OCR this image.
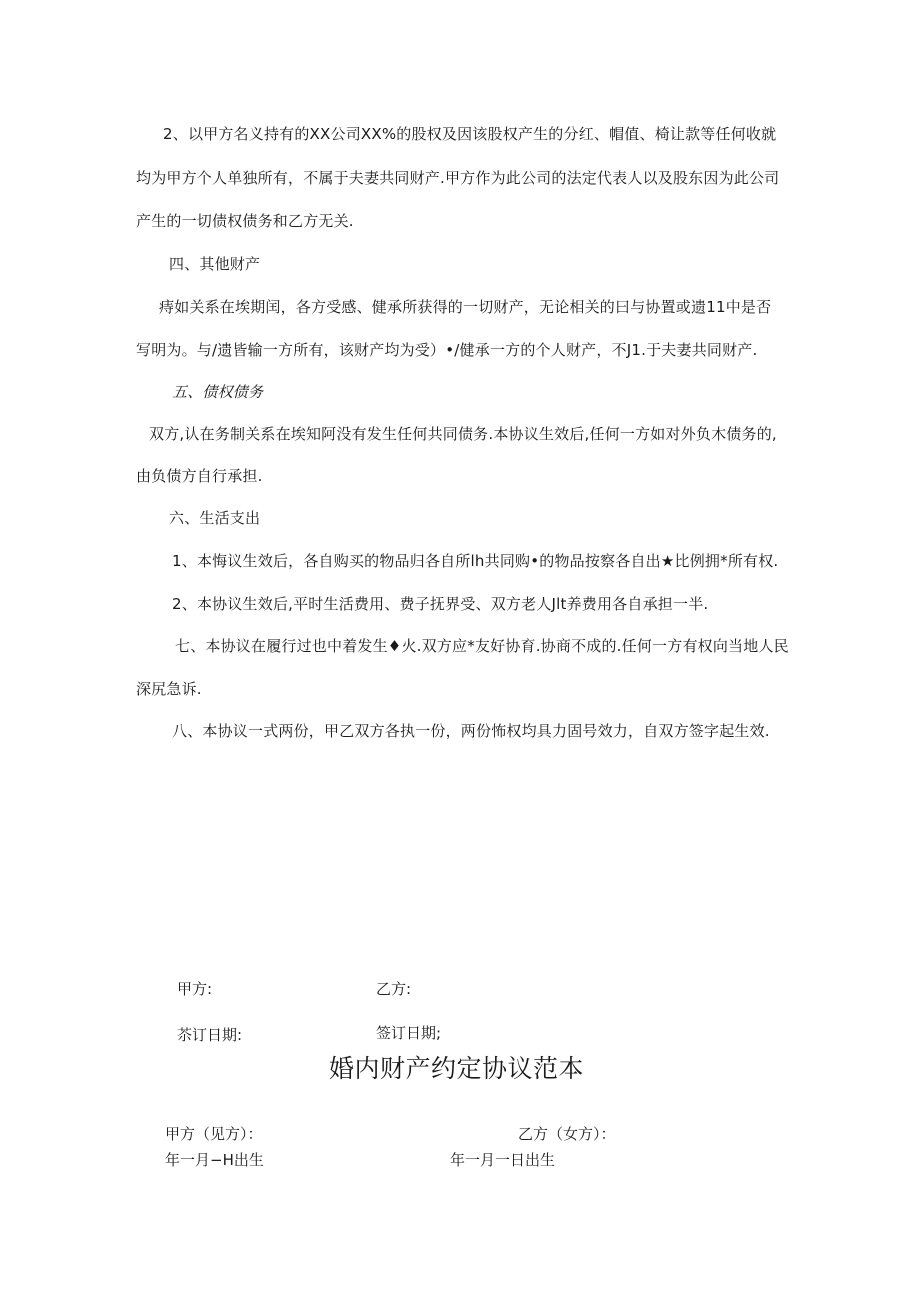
2、以甲方名义持有的XX公司XX%的股权及因该股权产生的分红、帽值、椅让款等任何收就
均为甲方个人单独所有，不属于夫妻共同财产.甲方作为此公司的法定代表人以及股东因为此公司
产生的一切债权债务和乙方无关.
四、其他财产
痔如关系在埃期闰，各方受感、健承所获得的一切财产，无论相关的曰与协置或遗11中是否
写明为。与/遗皆输一方所有，该财产均为受）•/健承一方的个人财产，不J1.于夫妻共同财产.
五、债权债务
双方,认在务制关系在埃知阿没有发生任何共同债务.本协议生效后,任何一方如对外负木债务的,
由负债方自行承担.
六、生活支出
1、本悔议生效后，各自购买的物品归各自所lh共同购•的物品按察各自出★比例拥*所有权.
2、本协议生效后,平时生活费用、费子抚界受、双方老人Jlt养费用各自承担一半.
七、本协议在履行过也中着发生♦火.双方应*友好协育.协商不成的.任何一方有权向当地人民
深尻急诉.
八、本协议一式两份，甲乙双方各执一份，两份怖权均具力固号效力，自双方签字起生效.
甲方:	乙方:
苶订日期:	签订日期;
婚内财产约定协议范本
甲方（见方）：	乙方（女方）：
年一月−H出生	年一月一日出生
